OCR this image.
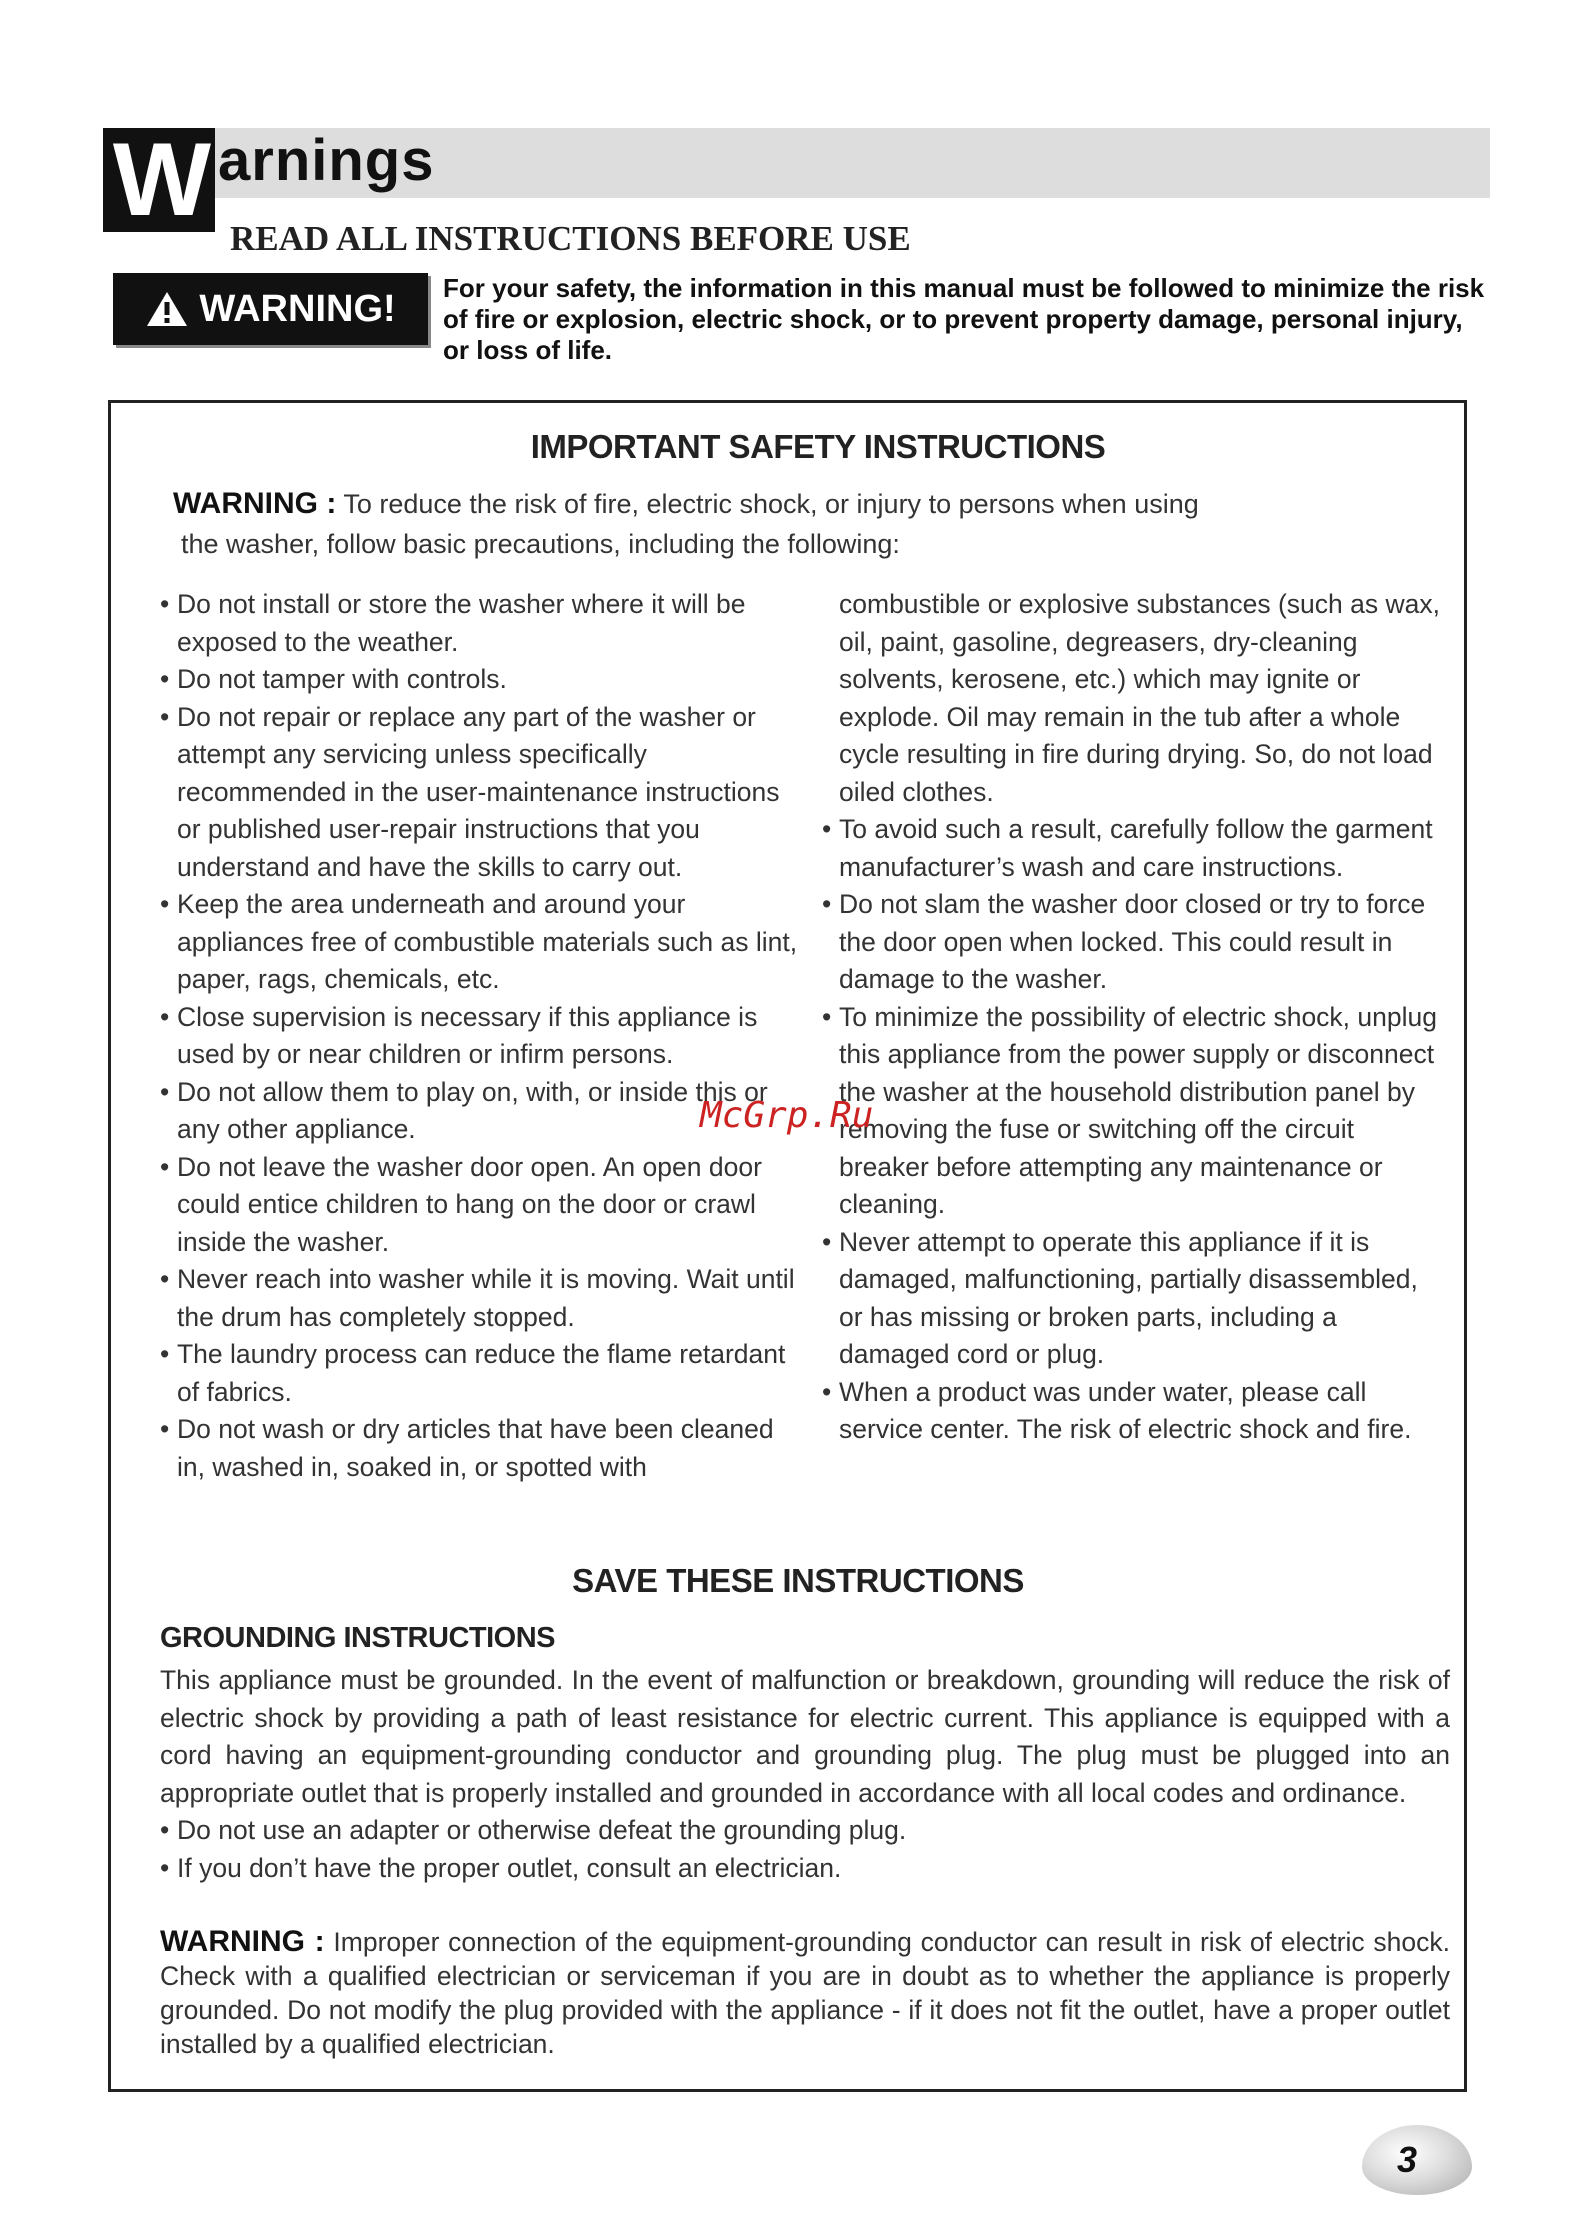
W arnings
READ ALL INSTRUCTIONS BEFORE USE
WARNING! For your safety, the information in this manual must be followed to minimize the risk of fire or explosion, electric shock, or to prevent property damage, personal injury, or loss of life.
IMPORTANT SAFETY INSTRUCTIONS
WARNING : To reduce the risk of fire, electric shock, or injury to persons when using
the washer, follow basic precautions, including the following:
• Do not install or store the washer where it will be exposed to the weather.
• Do not tamper with controls.
• Do not repair or replace any part of the washer or attempt any servicing unless specifically recommended in the user-maintenance instructions or published user-repair instructions that you understand and have the skills to carry out.
• Keep the area underneath and around your appliances free of combustible materials such as lint, paper, rags, chemicals, etc.
• Close supervision is necessary if this appliance is used by or near children or infirm persons.
• Do not allow them to play on, with, or inside this or any other appliance.
• Do not leave the washer door open. An open door could entice children to hang on the door or crawl inside the washer.
• Never reach into washer while it is moving. Wait until the drum has completely stopped.
• The laundry process can reduce the flame retardant of fabrics.
• Do not wash or dry articles that have been cleaned in, washed in, soaked in, or spotted with
combustible or explosive substances (such as wax, oil, paint, gasoline, degreasers, dry-cleaning solvents, kerosene, etc.) which may ignite or explode. Oil may remain in the tub after a whole cycle resulting in fire during drying. So, do not load oiled clothes.
• To avoid such a result, carefully follow the garment manufacturer’s wash and care instructions.
• Do not slam the washer door closed or try to force the door open when locked. This could result in damage to the washer.
• To minimize the possibility of electric shock, unplug this appliance from the power supply or disconnect the washer at the household distribution panel by removing the fuse or switching off the circuit breaker before attempting any maintenance or cleaning.
• Never attempt to operate this appliance if it is damaged, malfunctioning, partially disassembled, or has missing or broken parts, including a damaged cord or plug.
• When a product was under water, please call service center. The risk of electric shock and fire.
McGrp.Ru
SAVE THESE INSTRUCTIONS
GROUNDING INSTRUCTIONS
This appliance must be grounded. In the event of malfunction or breakdown, grounding will reduce the risk of electric shock by providing a path of least resistance for electric current. This appliance is equipped with a cord having an equipment-grounding conductor and grounding plug. The plug must be plugged into an appropriate outlet that is properly installed and grounded in accordance with all local codes and ordinance.
• Do not use an adapter or otherwise defeat the grounding plug.
• If you don’t have the proper outlet, consult an electrician.
WARNING : Improper connection of the equipment-grounding conductor can result in risk of electric shock. Check with a qualified electrician or serviceman if you are in doubt as to whether the appliance is properly grounded. Do not modify the plug provided with the appliance - if it does not fit the outlet, have a proper outlet installed by a qualified electrician.
3
